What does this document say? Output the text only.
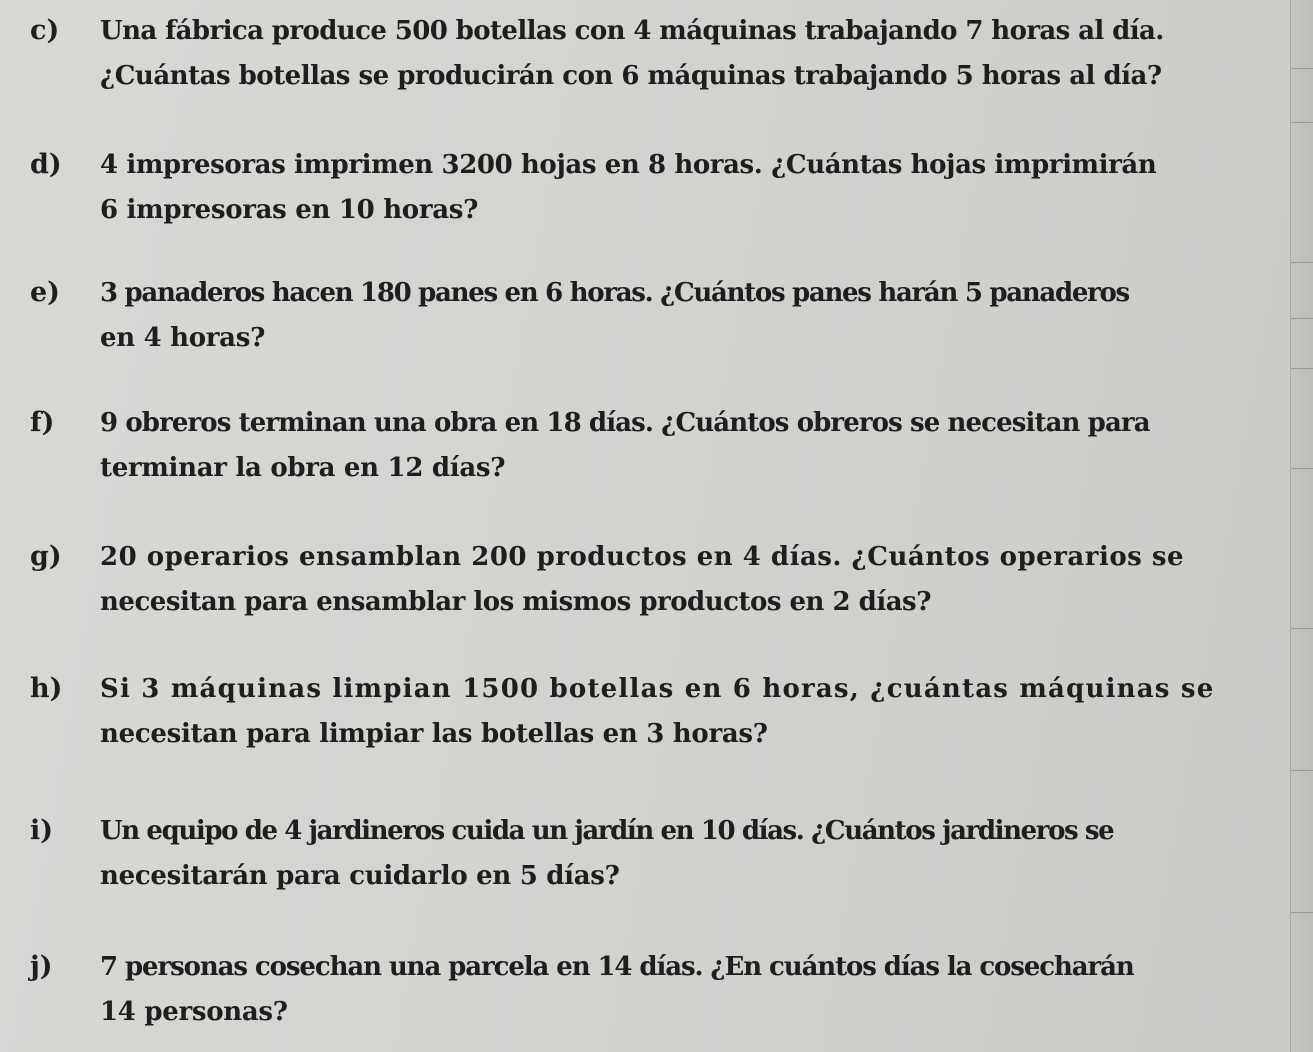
c) Una fábrica produce 500 botellas con 4 máquinas trabajando 7 horas al día.
¿Cuántas botellas se producirán con 6 máquinas trabajando 5 horas al día?
d) 4 impresoras imprimen 3200 hojas en 8 horas. ¿Cuántas hojas imprimirán
6 impresoras en 10 horas?
e) 3 panaderos hacen 180 panes en 6 horas. ¿Cuántos panes harán 5 panaderos
en 4 horas?
f) 9 obreros terminan una obra en 18 días. ¿Cuántos obreros se necesitan para
terminar la obra en 12 días?
g) 20 operarios ensamblan 200 productos en 4 días. ¿Cuántos operarios se
necesitan para ensamblar los mismos productos en 2 días?
h) Si 3 máquinas limpian 1500 botellas en 6 horas, ¿cuántas máquinas se
necesitan para limpiar las botellas en 3 horas?
i) Un equipo de 4 jardineros cuida un jardín en 10 días. ¿Cuántos jardineros se
necesitarán para cuidarlo en 5 días?
j) 7 personas cosechan una parcela en 14 días. ¿En cuántos días la cosecharán
14 personas?
